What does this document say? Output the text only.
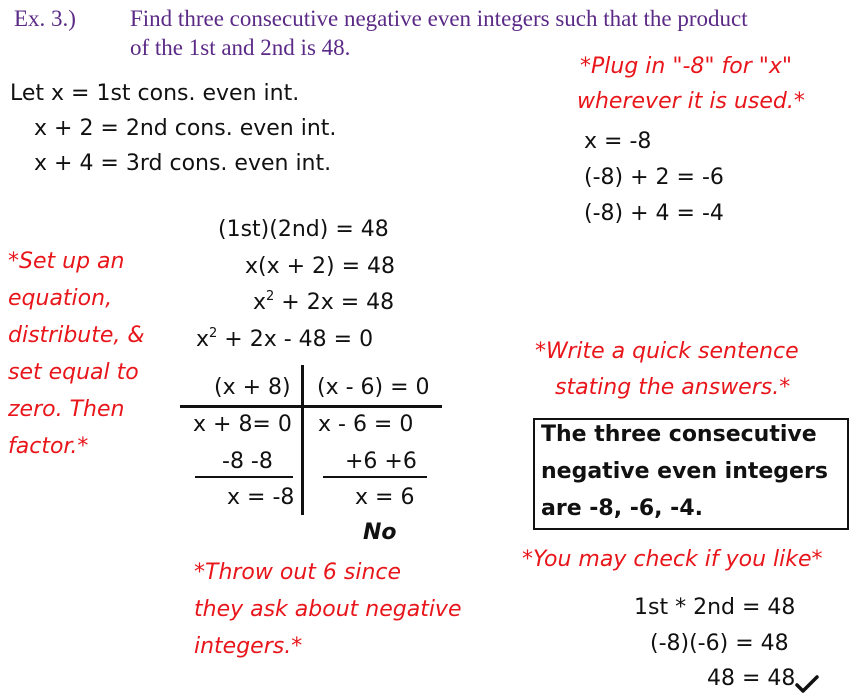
Ex. 3.) Find three consecutive negative even integers such that the product
of the 1st and 2nd is 48.
Let x = 1st cons. even int.
x + 2 = 2nd cons. even int.
x + 4 = 3rd cons. even int.
*Set up an
equation,
distribute, &
set equal to
zero. Then
factor.*
(1st)(2nd) = 48
x(x + 2) = 48
$x^2 + 2x = 48$
$x^2 + 2x - 48 = 0$
(x + 8) (x - 6) = 0
x + 8= 0
-8 -8
x = -8
x - 6 = 0
+6 +6
x = 6
No
*Throw out 6 since
they ask about negative
integers.*
*Plug in "-8" for "x"
wherever it is used.*
x = -8
(-8) + 2 = -6
(-8) + 4 = -4
*Write a quick sentence
stating the answers.*
The three consecutive
negative even integers
are -8, -6, -4.
*You may check if you like*
1st * 2nd = 48
(-8)(-6) = 48
48 = 48
